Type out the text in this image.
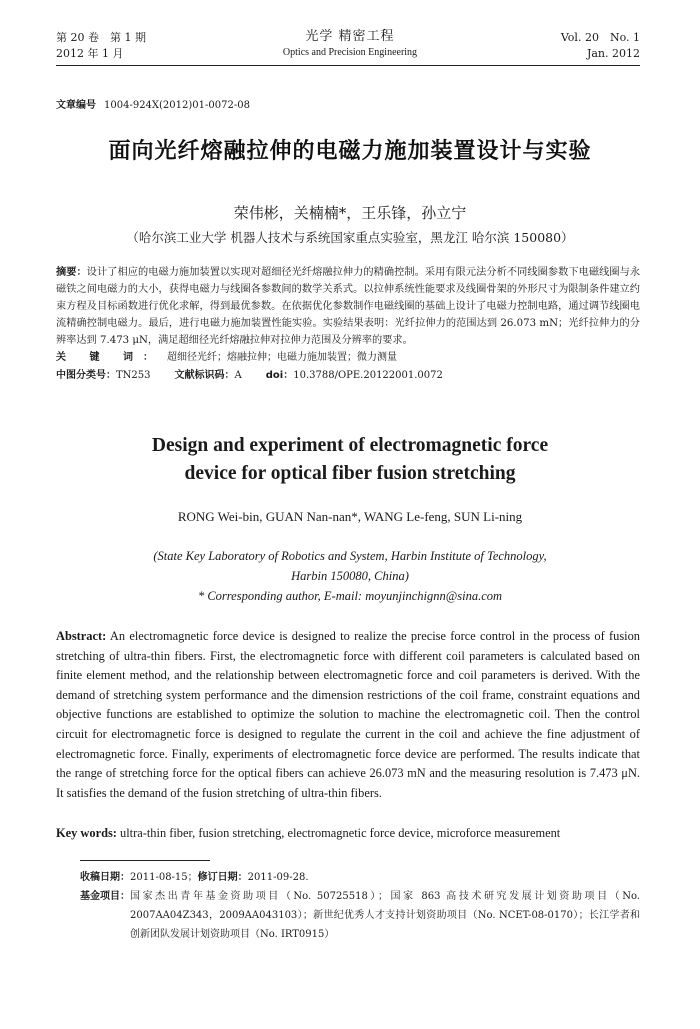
第 20 卷　第 1 期
2012 年 1 月
光学 精密工程
Optics and Precision Engineering
Vol. 20　No. 1
Jan. 2012
文章编号 1004-924X(2012)01-0072-08
面向光纤熔融拉伸的电磁力施加装置设计与实验
荣伟彬，关楠楠*，王乐锋，孙立宁
（哈尔滨工业大学 机器人技术与系统国家重点实验室，黑龙江 哈尔滨 150080）
摘要：设计了相应的电磁力施加装置以实现对超细径光纤熔融拉伸力的精确控制。采用有限元法分析不同线圈参数下电磁线圈与永磁铁之间电磁力的大小，获得电磁力与线圈各参数间的数学关系式。以拉伸系统性能要求及线圈骨架的外形尺寸为限制条件建立约束方程及目标函数进行优化求解，得到最优参数。在依据优化参数制作电磁线圈的基础上设计了电磁力控制电路，通过调节线圈电流精确控制电磁力。最后，进行电磁力施加装置性能实验。实验结果表明：光纤拉伸力的范围达到 26.073 mN；光纤拉伸力的分辨率达到 7.473 μN，满足超细径光纤熔融拉伸对拉伸力范围及分辨率的要求。
关 键 词： 超细径光纤；熔融拉伸；电磁力施加装置；微力测量
中图分类号：TN253 文献标识码：A doi：10.3788/OPE.20122001.0072
Design and experiment of electromagnetic force
device for optical fiber fusion stretching
RONG Wei-bin, GUAN Nan-nan*, WANG Le-feng, SUN Li-ning
(State Key Laboratory of Robotics and System, Harbin Institute of Technology,
Harbin 150080, China)
* Corresponding author, E-mail: moyunjinchignn@sina.com
Abstract: An electromagnetic force device is designed to realize the precise force control in the process of fusion stretching of ultra-thin fibers. First, the electromagnetic force with different coil parameters is calculated based on finite element method, and the relationship between electromagnetic force and coil parameters is derived. With the demand of stretching system performance and the dimension restrictions of the coil frame, constraint equations and objective functions are established to optimize the solution to machine the electromagnetic coil. Then the control circuit for electromagnetic force is designed to regulate the current in the coil and achieve the fine adjustment of electromagnetic force. Finally, experiments of electromagnetic force device are performed. The results indicate that the range of stretching force for the optical fibers can achieve 26.073 mN and the measuring resolution is 7.473 μN. It satisfies the demand of the fusion stretching of ultra-thin fibers.
Key words: ultra-thin fiber, fusion stretching, electromagnetic force device, microforce measurement
收稿日期：2011-08-15；修订日期：2011-09-28.
基金项目： 国家杰出青年基金资助项目（No. 50725518）；国家 863 高技术研究发展计划资助项目（No. 2007AA04Z343，2009AA043103）；新世纪优秀人才支持计划资助项目（No. NCET-08-0170）；长江学者和创新团队发展计划资助项目（No. IRT0915）
